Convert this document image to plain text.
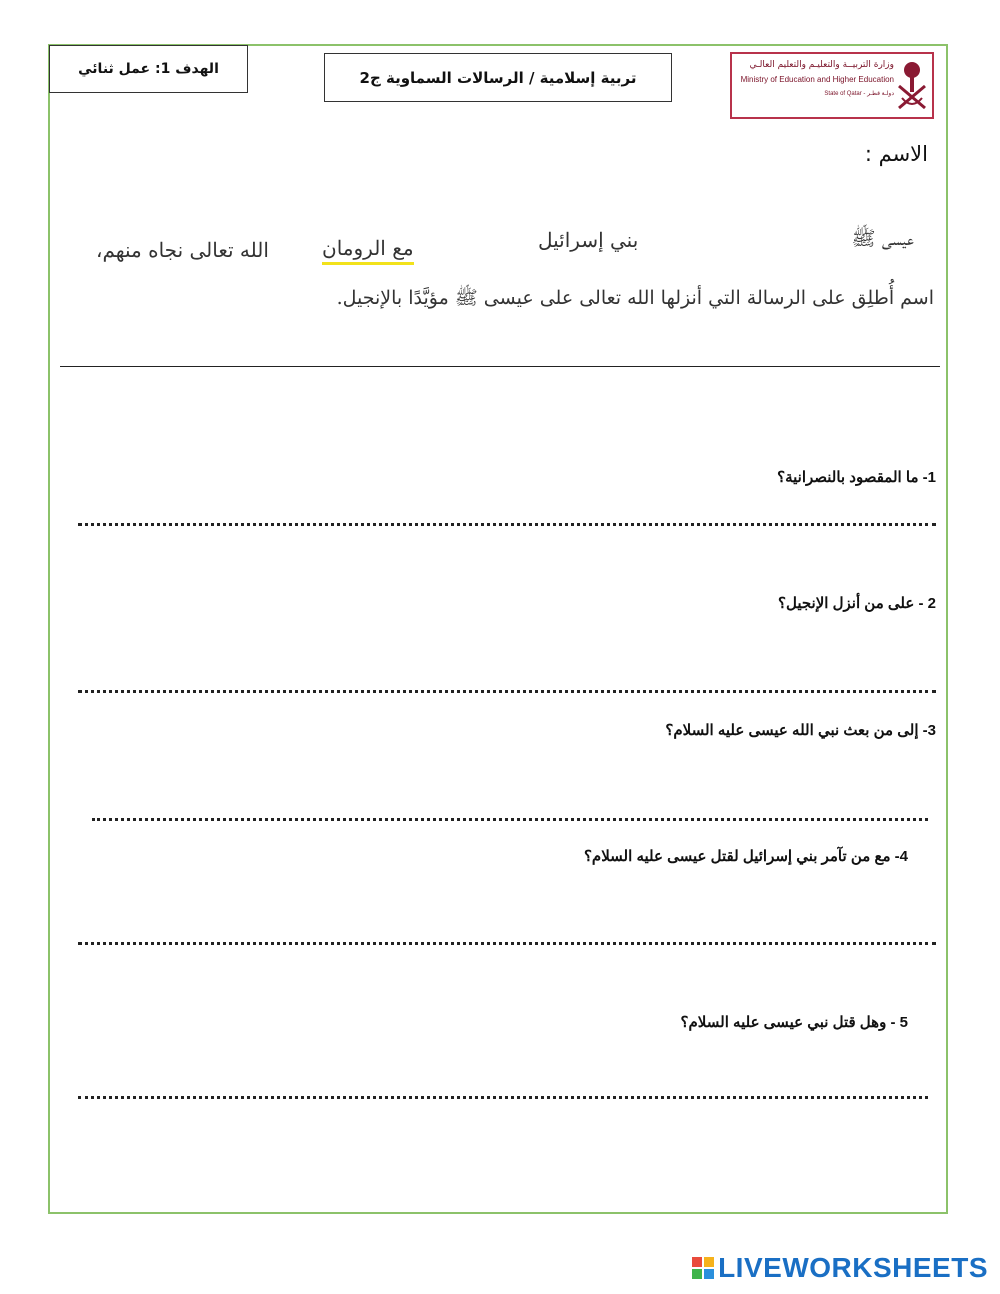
الهدف 1: عمل ثنائي	تربية إسلامية / الرسالات السماوية ج2
وزارة التربيــة والتعليـم والتعليم العالـي
Ministry of Education and Higher Education
State of Qatar - دولـة قطـر
الاسم :
عيسى ﷺ
بني إسرائيل
مع الرومان
الله تعالى نجاه منهم،
اسم أُطلِق على الرسالة التي أنزلها الله تعالى على عيسى ﷺ مؤيَّدًا بالإنجيل.
1- ما المقصود بالنصرانية؟
2 - على من أنزل الإنجيل؟
3- إلى من بعث نبي الله عيسى عليه السلام؟
4- مع من تآمر بني إسرائيل لقتل عيسى عليه السلام؟
5 - وهل قتل نبي عيسى عليه السلام؟
LIVEWORKSHEETS
